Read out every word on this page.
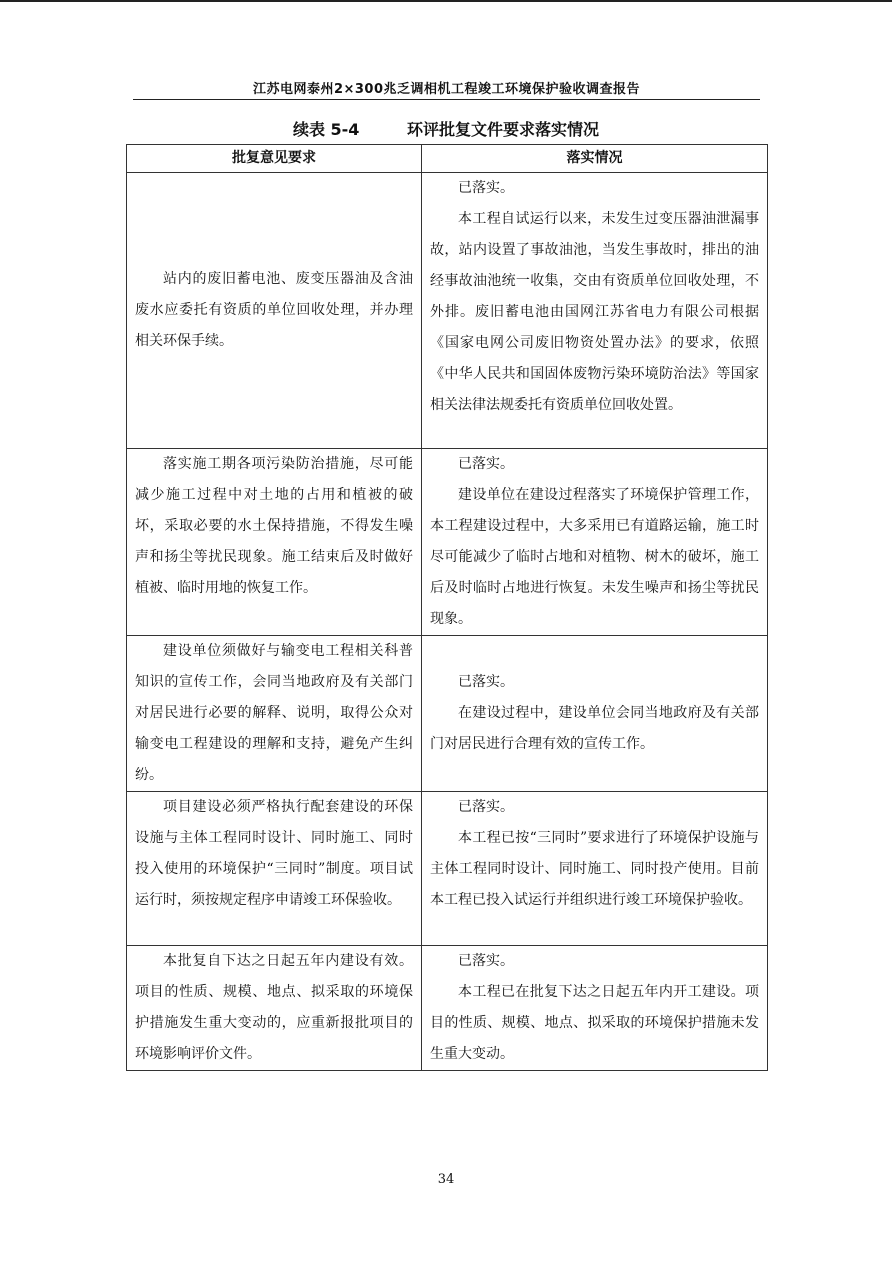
江苏电网泰州2×300兆乏调相机工程竣工环境保护验收调查报告
续表 5-4	环评批复文件要求落实情况
批复意见要求	落实情况

站内的废旧蓄电池、废变压器油及含油废水应委托有资质的单位回收处理，并办理相关环保手续。	已落实。
本工程自试运行以来，未发生过变压器油泄漏事故，站内设置了事故油池，当发生事故时，排出的油经事故油池统一收集，交由有资质单位回收处理，不外排。废旧蓄电池由国网江苏省电力有限公司根据《国家电网公司废旧物资处置办法》的要求，依照《中华人民共和国固体废物污染环境防治法》等国家相关法律法规委托有资质单位回收处置。

落实施工期各项污染防治措施，尽可能减少施工过程中对土地的占用和植被的破坏，采取必要的水土保持措施，不得发生噪声和扬尘等扰民现象。施工结束后及时做好植被、临时用地的恢复工作。	已落实。
建设单位在建设过程落实了环境保护管理工作，本工程建设过程中，大多采用已有道路运输，施工时尽可能减少了临时占地和对植物、树木的破坏，施工后及时临时占地进行恢复。未发生噪声和扬尘等扰民现象。

建设单位须做好与输变电工程相关科普知识的宣传工作，会同当地政府及有关部门对居民进行必要的解释、说明，取得公众对输变电工程建设的理解和支持，避免产生纠纷。	已落实。
在建设过程中，建设单位会同当地政府及有关部门对居民进行合理有效的宣传工作。

项目建设必须严格执行配套建设的环保设施与主体工程同时设计、同时施工、同时投入使用的环境保护“三同时”制度。项目试运行时，须按规定程序申请竣工环保验收。	已落实。
本工程已按“三同时”要求进行了环境保护设施与主体工程同时设计、同时施工、同时投产使用。目前本工程已投入试运行并组织进行竣工环境保护验收。

本批复自下达之日起五年内建设有效。项目的性质、规模、地点、拟采取的环境保护措施发生重大变动的，应重新报批项目的环境影响评价文件。	已落实。
本工程已在批复下达之日起五年内开工建设。项目的性质、规模、地点、拟采取的环境保护措施未发生重大变动。
34
